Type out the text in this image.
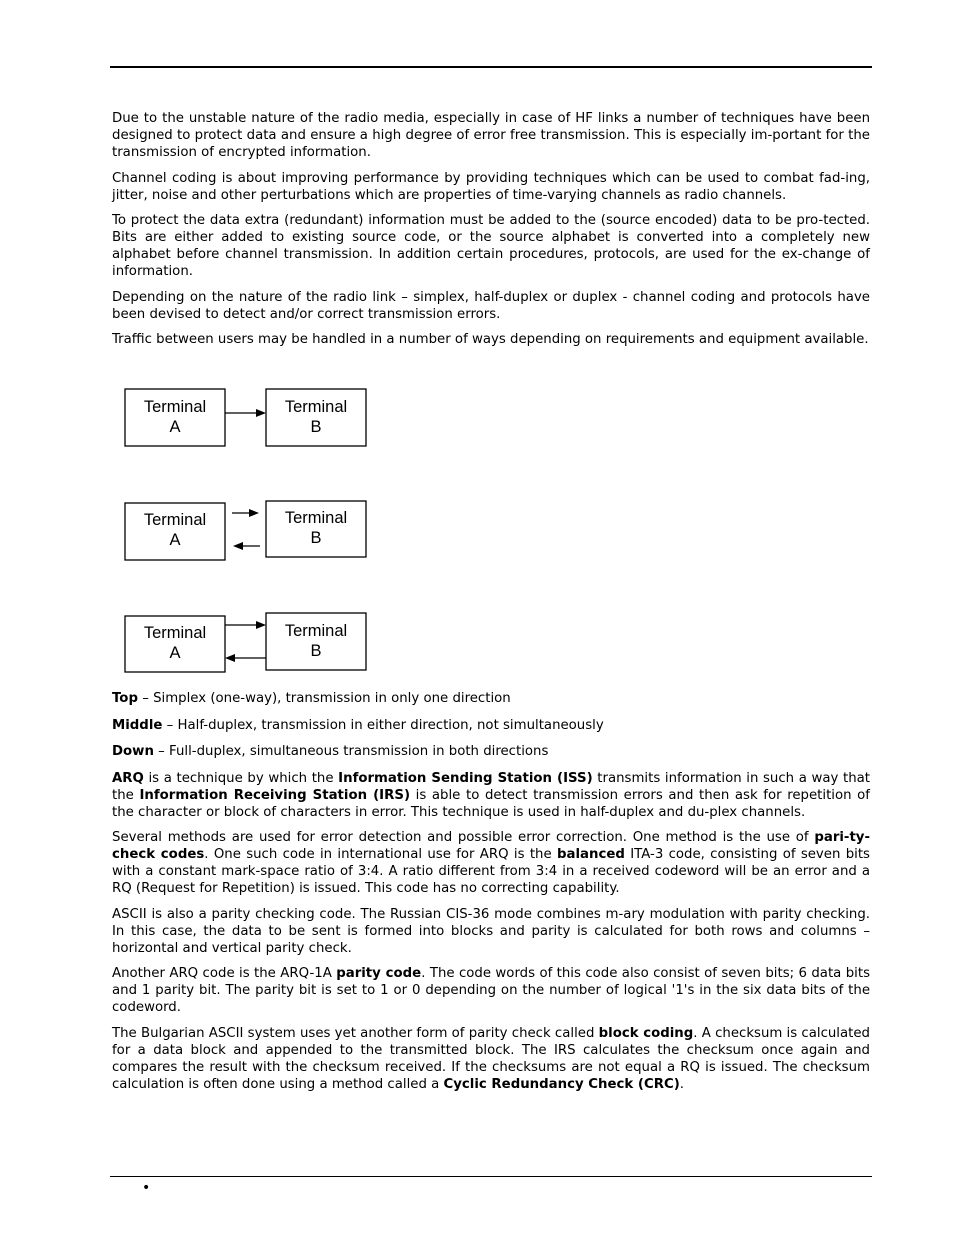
Due to the unstable nature of the radio media, especially in case of HF links a number of techniques have been designed to protect data and ensure a high degree of error free transmission. This is especially im-portant for the transmission of encrypted information.

Channel coding is about improving performance by providing techniques which can be used to combat fad-ing, jitter, noise and other perturbations which are properties of time-varying channels as radio channels.

To protect the data extra (redundant) information must be added to the (source encoded) data to be pro-tected. Bits are either added to existing source code, or the source alphabet is converted into a completely new alphabet before channel transmission. In addition certain procedures, protocols, are used for the ex-change of information.

Depending on the nature of the radio link – simplex, half-duplex or duplex - channel coding and protocols have been devised to detect and/or correct transmission errors.

Traffic between users may be handled in a number of ways depending on requirements and equipment available.

Terminal
A
Terminal
B
Terminal
A
Terminal
B
Terminal
A
Terminal
B

Top – Simplex (one-way), transmission in only one direction

Middle – Half-duplex, transmission in either direction, not simultaneously

Down – Full-duplex, simultaneous transmission in both directions

ARQ is a technique by which the Information Sending Station (ISS) transmits information in such a way that the Information Receiving Station (IRS) is able to detect transmission errors and then ask for repetition of the character or block of characters in error. This technique is used in half-duplex and du-plex channels.

Several methods are used for error detection and possible error correction. One method is the use of pari-ty-check codes. One such code in international use for ARQ is the balanced ITA-3 code, consisting of seven bits with a constant mark-space ratio of 3:4. A ratio different from 3:4 in a received codeword will be an error and a RQ (Request for Repetition) is issued. This code has no correcting capability.

ASCII is also a parity checking code. The Russian CIS-36 mode combines m-ary modulation with parity checking. In this case, the data to be sent is formed into blocks and parity is calculated for both rows and columns – horizontal and vertical parity check.

Another ARQ code is the ARQ-1A parity code. The code words of this code also consist of seven bits; 6 data bits and 1 parity bit. The parity bit is set to 1 or 0 depending on the number of logical '1's in the six data bits of the codeword.

The Bulgarian ASCII system uses yet another form of parity check called block coding. A checksum is calculated for a data block and appended to the transmitted block. The IRS calculates the checksum once again and compares the result with the checksum received. If the checksums are not equal a RQ is issued. The checksum calculation is often done using a method called a Cyclic Redundancy Check (CRC).

•
